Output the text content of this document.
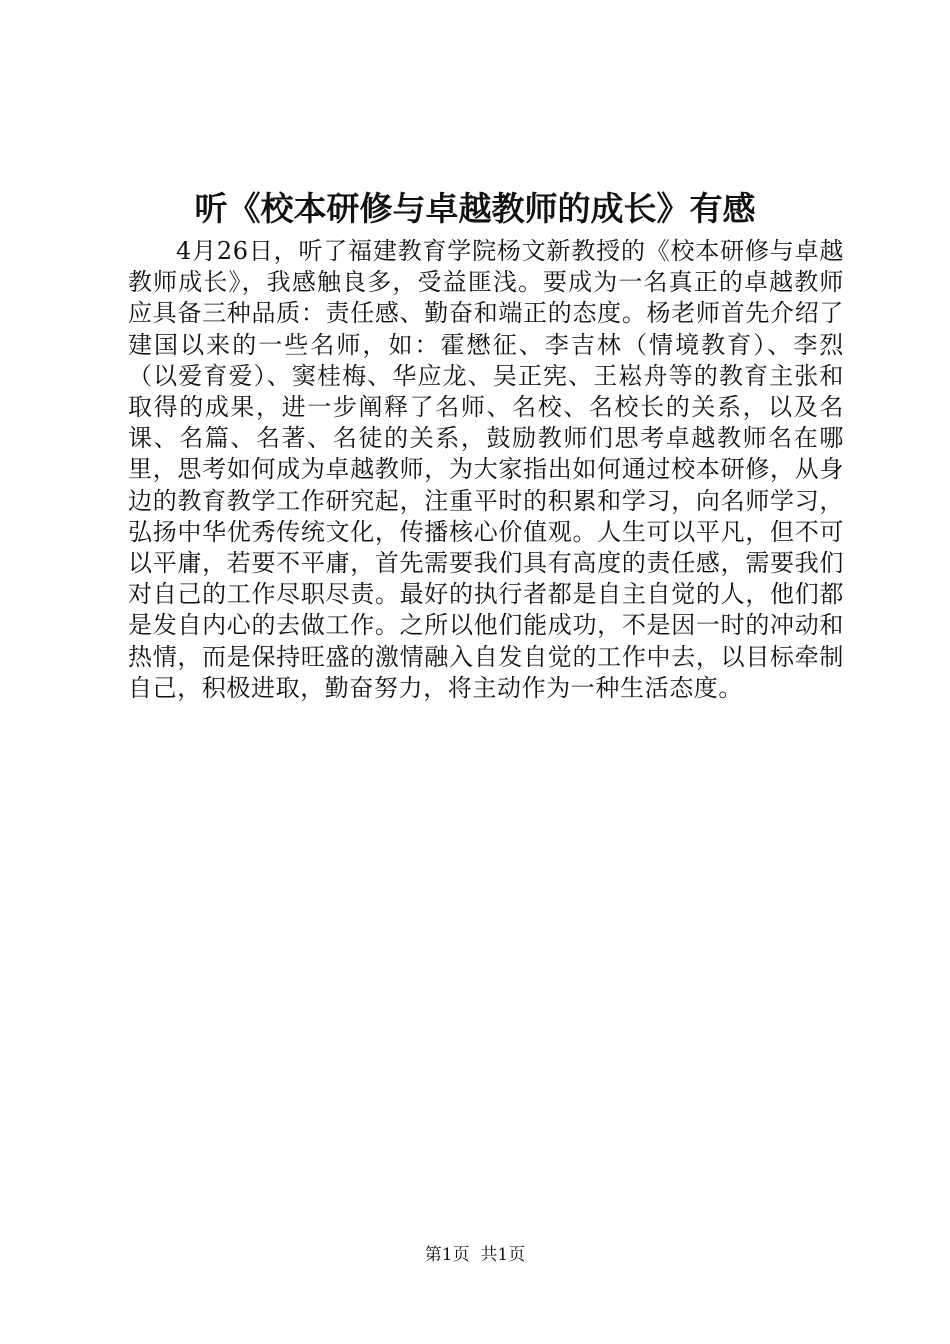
听《校本研修与卓越教师的成长》有感

4月26日，听了福建教育学院杨文新教授的《校本研修与卓越教师成长》，我感触良多，受益匪浅。要成为一名真正的卓越教师应具备三种品质：责任感、勤奋和端正的态度。杨老师首先介绍了建国以来的一些名师，如：霍懋征、李吉林（情境教育）、李烈（以爱育爱）、窦桂梅、华应龙、吴正宪、王崧舟等的教育主张和取得的成果，进一步阐释了名师、名校、名校长的关系，以及名课、名篇、名著、名徒的关系，鼓励教师们思考卓越教师名在哪里，思考如何成为卓越教师，为大家指出如何通过校本研修，从身边的教育教学工作研究起，注重平时的积累和学习，向名师学习，弘扬中华优秀传统文化，传播核心价值观。人生可以平凡，但不可以平庸，若要不平庸，首先需要我们具有高度的责任感，需要我们对自己的工作尽职尽责。最好的执行者都是自主自觉的人，他们都是发自内心的去做工作。之所以他们能成功，不是因一时的冲动和热情，而是保持旺盛的激情融入自发自觉的工作中去，以目标牵制自己，积极进取，勤奋努力，将主动作为一种生活态度。

第1页 共1页
